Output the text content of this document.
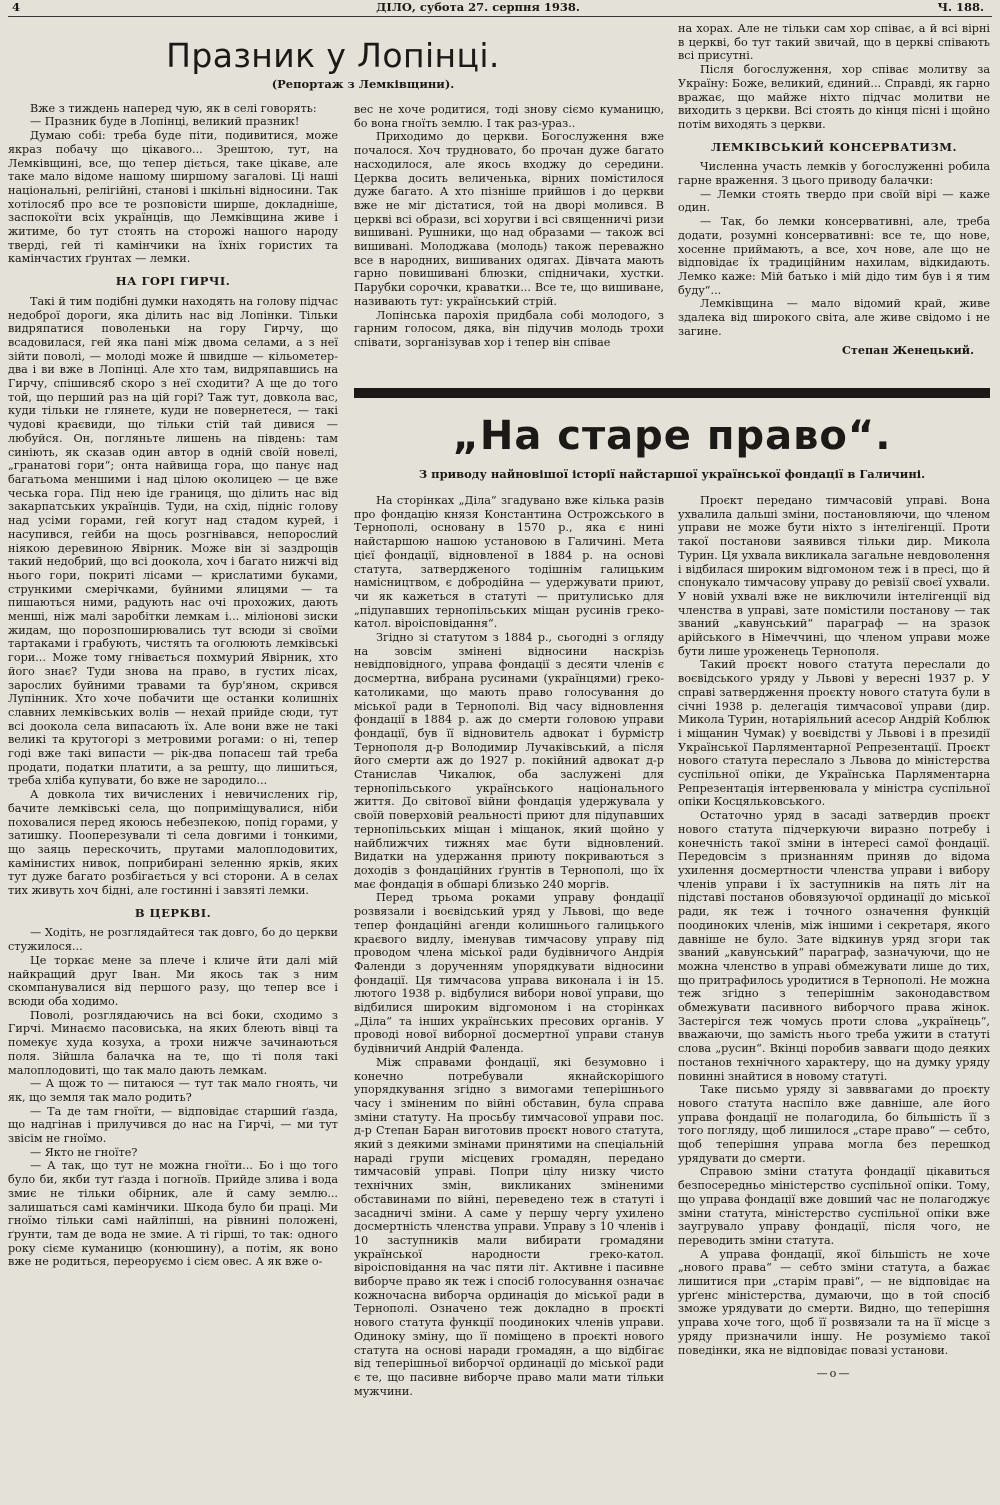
4	ДІЛО, субота 27. серпня 1938.	Ч. 188.
Празник у Лопінці.
(Репортаж з Лемківщини).

Вже з тиждень наперед чую, як в селі говорять:

— Празник буде в Лопінці, великий празник!

Думаю собі: треба буде піти, подивитися, може якраз побачу що цікавого... Зрештою, тут, на Лемківщині, все, що тепер діється, таке цікаве, але таке мало відоме нашому ширшому загалові. Ці наші національні, релігійні, станові і шкільні відносини. Так хотілосяб про все те розповісти ширше, докладніше, заспокоїти всіх українців, що Лемківщина живе і житиме, бо тут стоять на сторожі нашого народу тверді, гей ті камінчики на їхніх гористих та камінчастих ґрунтах — лемки.

НА ГОРІ ГИРЧІ.

Такі й тим подібні думки находять на голову підчас недоброї дороги, яка ділить нас від Лопінки. Тільки видряпатися поволеньки на гору Гирчу, що всадовилася, гей яка пані між двома селами, а з неї зійти поволі, — молоді може й швидше — кільометер-два і ви вже в Лопінці. Але хто там, видряпавшись на Гирчу, спішивсяб скоро з неї сходити? А ще до того той, що перший раз на цій горі? Таж тут, довкола вас, куди тільки не глянете, куди не повернетеся, — такі чудові краєвиди, що тільки стій тай дивися — любуйся. Он, погляньте лишень на південь: там синіють, як сказав один автор в одній своїй новелі, „гранатові гори“; онта найвища гора, що панує над багатьома меншими і над цілою околицею — це вже чеська гора. Під нею іде границя, що ділить нас від закарпатських українців. Туди, на схід, підніс голову над усіми горами, гей когут над стадом курей, і насупився, гейби на щось розгнівався, непорослий ніякою деревиною Явірник. Може він зі заздрощів такий недобрий, що всі доокола, хоч і багато нижчі від нього гори, покриті лісами — крислатими буками, стрункими смерічками, буйними ялицями — та пишаються ними, радують нас очі прохожих, дають менші, ніж малі заробітки лемкам і... міліонові зиски жидам, що порозпоширювались тут всюди зі своїми тартаками і грабують, чистять та оголюють лемківські гори... Може тому гнівається похмурий Явірник, хто його знає? Туди знова на право, в густих лісах, зарослих буйними травами та бур'яном, скрився Лупінник. Хто хоче побачити ще останки колишніх славних лемківських волів — нехай прийде сюди, тут всі доокола села випасають їх. Але вони вже не такі великі та крутогорі з метровими рогами: о ні, тепер годі вже такі випасти — рік-два попасеш тай треба продати, податки платити, а за решту, що лишиться, треба хліба купувати, бо вже не зародило...

А довкола тих вичислених і невичислених гір, бачите лемківські села, що поприміщувалися, ніби поховалися перед якоюсь небезпекою, попід горами, у затишку. Пооперезували ті села довгими і тонкими, що заяць перескочить, прутами малоплодовитих, камінистих нивок, поприбирані зеленню ярків, яких тут дуже багато розбігається у всі сторони. А в селах тих живуть хоч бідні, але гостинні і завзяті лемки.

В ЦЕРКВІ.

— Ходіть, не розглядайтеся так довго, бо до церкви стужилося...

Це торкає мене за плече і кличе йти далі мій найкращий друг Іван. Ми якось так з ним скомпанувалися від першого разу, що тепер все і всюди оба ходимо.

Поволі, розглядаючись на всі боки, сходимо з Гирчі. Минаємо пасовиська, на яких блеють вівці та помекує худа козуха, а трохи нижче зачинаються поля. Зійшла балачка на те, що ті поля такі малоплодовиті, що так мало дають лемкам.

— А щож то — питаюся — тут так мало гноять, чи як, що земля так мало родить?

— Та де там гноїти, — відповідає старший ґазда, що надгінав і прилучився до нас на Гирчі, — ми тут звісім не гноїмо.

— Якто не гноїте?

— А так, що тут не можна гноїти... Бо і що того було би, якби тут ґазда і погноїв. Прийде злива і вода змиє не тільки обірник, але й саму землю... залишаться самі камінчики. Шкода було би праці. Ми гноїмо тільки самі найліпші, на рівнині положені, ґрунти, там де вода не змие. А ті гірші, то так: одного року сієме куманицю (конюшину), а потім, як воно вже не родиться, переоруємо і сієм овес. А як вже о-

вес не хоче родитися, тоді знову сіємо куманицю, бо вона гноїть землю. І так раз-ураз..

Приходимо до церкви. Богослуження вже почалося. Хоч трудновато, бо прочан дуже багато насходилося, але якось входжу до середини. Церква досить величенька, вірних помістилося дуже багато. А хто пізніше прийшов і до церкви вже не міг дістатися, той на дворі молився. В церкві всі образи, всі хоругви і всі священничі ризи вишивані. Рушники, що над образами — також всі вишивані. Молоджава (молодь) також переважно все в народних, вишиваних одягах. Дівчата мають гарно повишивані блюзки, спідничаки, хустки. Парубки сорочки, краватки... Все те, що вишиване, називають тут: український стрій.

Лопінська парохія придбала собі молодого, з гарним голосом, дяка, він підучив молодь трохи співати, зорганізував хор і тепер він співае

на хорах. Але не тільки сам хор співає, а й всі вірні в церкві, бо тут такий звичай, що в церкві співають всі присутні.

Після богослуження, хор співає молитву за Україну: Боже, великий, єдиний... Справді, як гарно вражає, що майже ніхто підчас молитви не виходить з церкви. Всі стоять до кінця пісні і щойно потім виходять з церкви.

ЛЕМКІВСЬКИЙ КОНСЕРВАТИЗМ.

Численна участь лемків у богослуженні робила гарне враження. З цього приводу балачки:

— Лемки стоять твердо при своїй вірі — каже один.

— Так, бо лемки консервативні, але, треба додати, розумні консервативні: все те, що нове, хосенне приймають, а все, хоч нове, але що не відповідає їх традиційним нахилам, відкидають. Лемко каже: Мій батько і мій дідо тим був і я тим буду“...

Лемківщина — мало відомий край, живе здалека від широкого світа, але живе свідомо і не загине.

Степан Женецький.
„На старе право“.
З приводу найновішої історії найстаршої української фондації в Галичині.

На сторінках „Діла“ згадувано вже кілька разів про фондацію князя Константина Острожського в Тернополі, основану в 1570 р., яка є нині найстаршою нашою установою в Галичині. Мета цієї фондації, відновленої в 1884 р. на основі статута, затвердженого тодішнім галицьким намісництвом, є добродійна — удержувати приют, чи як кажеться в статуті — притулисько для „підупавших тернопільських міщан русинів греко-катол. віроісповідання“.

Згідно зі статутом з 1884 р., сьогодні з огляду на зовсім змінені відносини наскрізь невідповідного, управа фондації з десяти членів є досмертна, вибрана русинами (українцями) греко-католиками, що мають право голосування до міської ради в Тернополі. Від часу відновлення фондації в 1884 р. аж до смерти головою управи фондації, був її відновитель адвокат і бурмістр Тернополя д-р Володимир Лучаківський, а після його смерти аж до 1927 р. покійний адвокат д-р Станислав Чикалюк, оба заслужені для тернопільського українського національного життя. До світової війни фондація удержувала у своїй поверховій реальності приют для підупавших тернопільських міщан і міщанок, який щойно у найближчих тижнях має бути відновлений. Видатки на удержання приюту покриваються з доходів з фондаційних ґрунтів в Тернополі, що їх має фондація в обшарі близько 240 моргів.

Перед трьома роками управу фондації розвязали і воєвідський уряд у Львові, що веде тепер фондаційні агенди колишнього галицького краєвого видлу, іменував тимчасову управу під проводом члена міської ради будівничого Андрія Фаленди з дорученням упорядкувати відносини фондації. Ця тимчасова управа виконала і ін 15. лютого 1938 р. відбулися вибори нової управи, що відбилися широким відгомоном і на сторінках „Діла“ та інших українських пресових органів. У проводі нової виборної досмертної управи станув будівничий Андрій Фаленда.

Між справами фондації, які безумовно і конечно потребували якнайскорішого упорядкування згідно з вимогами теперішнього часу і зміненим по війні обставин, була справа зміни статуту. На просьбу тимчасової управи пос. д-р Степан Баран виготовив проєкт нового статута, який з деякими змінами принятими на спеціальній нараді групи місцевих громадян, передано тимчасовій управі. Попри цілу низку чисто технічних змін, викликаних зміненими обставинами по війні, переведено теж в статуті і засадничі зміни. А саме у першу чергу ухилено досмертність членства управи. Управу з 10 членів і 10 заступників мали вибирати громадяни української народности греко-катол. віроісповідання на час пяти літ. Активне і пасивне виборче право як теж і спосіб голосування означає кожночасна виборча ординація до міської ради в Тернополі. Означено теж докладно в проєкті нового статута функції поодиноких членів управи. Одиноку зміну, що її поміщено в проєкті нового статута на основі наради громадян, а що відбігає від теперішньої виборчої ординації до міської ради є те, що пасивне виборче право мали мати тільки мужчини.

Проєкт передано тимчасовій управі. Вона ухвалила дальші зміни, постановляючи, що членом управи не може бути ніхто з інтелігенції. Проти такої постанови заявився тільки дир. Микола Турин. Ця ухвала викликала загальне невдоволення і відбилася широким відгомоном теж і в пресі, що й спонукало тимчасову управу до ревізії своєї ухвали. У новій ухвалі вже не виключили інтелігенції від членства в управі, зате помістили постанову — так званий „кавунський“ параграф — на зразок арійського в Німеччині, що членом управи може бути лише уроженець Тернополя.

Такий проєкт нового статута переслали до воєвідського уряду у Львові у вересні 1937 р. У справі затвердження проєкту нового статута були в січні 1938 р. делегація тимчасової управи (дир. Микола Турин, нотаріяльний асесор Андрій Коблюк і міщанин Чумак) у воєвідстві у Львові і в президії Української Парляментарної Репрезентації. Проєкт нового статута переслало з Львова до міністерства суспільної опіки, де Українська Парляментарна Репрезентація інтервенювала у міністра суспільної опіки Косцяльковського.

Остаточно уряд в засаді затвердив проєкт нового статута підчеркуючи виразно потребу і конечність такої зміни в інтересі самої фондації. Передовсім з признанням приняв до відома ухилення досмертности членства управи і вибору членів управи і їх заступників на пять літ на підставі постанов обовязуючої ординації до міської ради, як теж і точного означення функцій поодиноких членів, між іншими і секретаря, якого давніше не було. Зате відкинув уряд згори так званий „кавунський“ параграф, зазначуючи, що не можна членство в управі обмежувати лише до тих, що притрафилось уродитися в Тернополі. Не можна теж згідно з теперішнім законодавством обмежувати пасивного виборчого права жінок. Застерігся теж чомусь проти слова „українець“, вважаючи, що замість нього треба ужити в статуті слова „русин“. Вкінці поробив завваги щодо деяких постанов технічного характеру, що на думку уряду повинні знайтися в новому статуті.

Таке письмо уряду зі завввагами до проєкту нового статута наспіло вже давніше, але його управа фондації не полагодила, бо більшість її з того погляду, щоб лишилося „старе право“ — себто, щоб теперішня управа могла без перешкод урядувати до смерти.

Справою зміни статута фондації цікавиться безпосередньо міністерство суспільної опіки. Тому, що управа фондації вже довший час не полагоджує зміни статута, міністерство суспільної опіки вже заугрувало управу фондації, після чого, не переводить зміни статута.

А управа фондації, якої більшість не хоче „нового права“ — себто зміни статута, а бажає лишитися при „старім праві“, — не відповідає на урґенс міністерства, думаючи, що в той спосіб зможе урядувати до смерти. Видно, що теперішня управа хоче того, щоб її розвязали та на її місце з уряду призначили іншу. Не розуміємо такої поведінки, яка не відповідає повазі установи.

—о—
